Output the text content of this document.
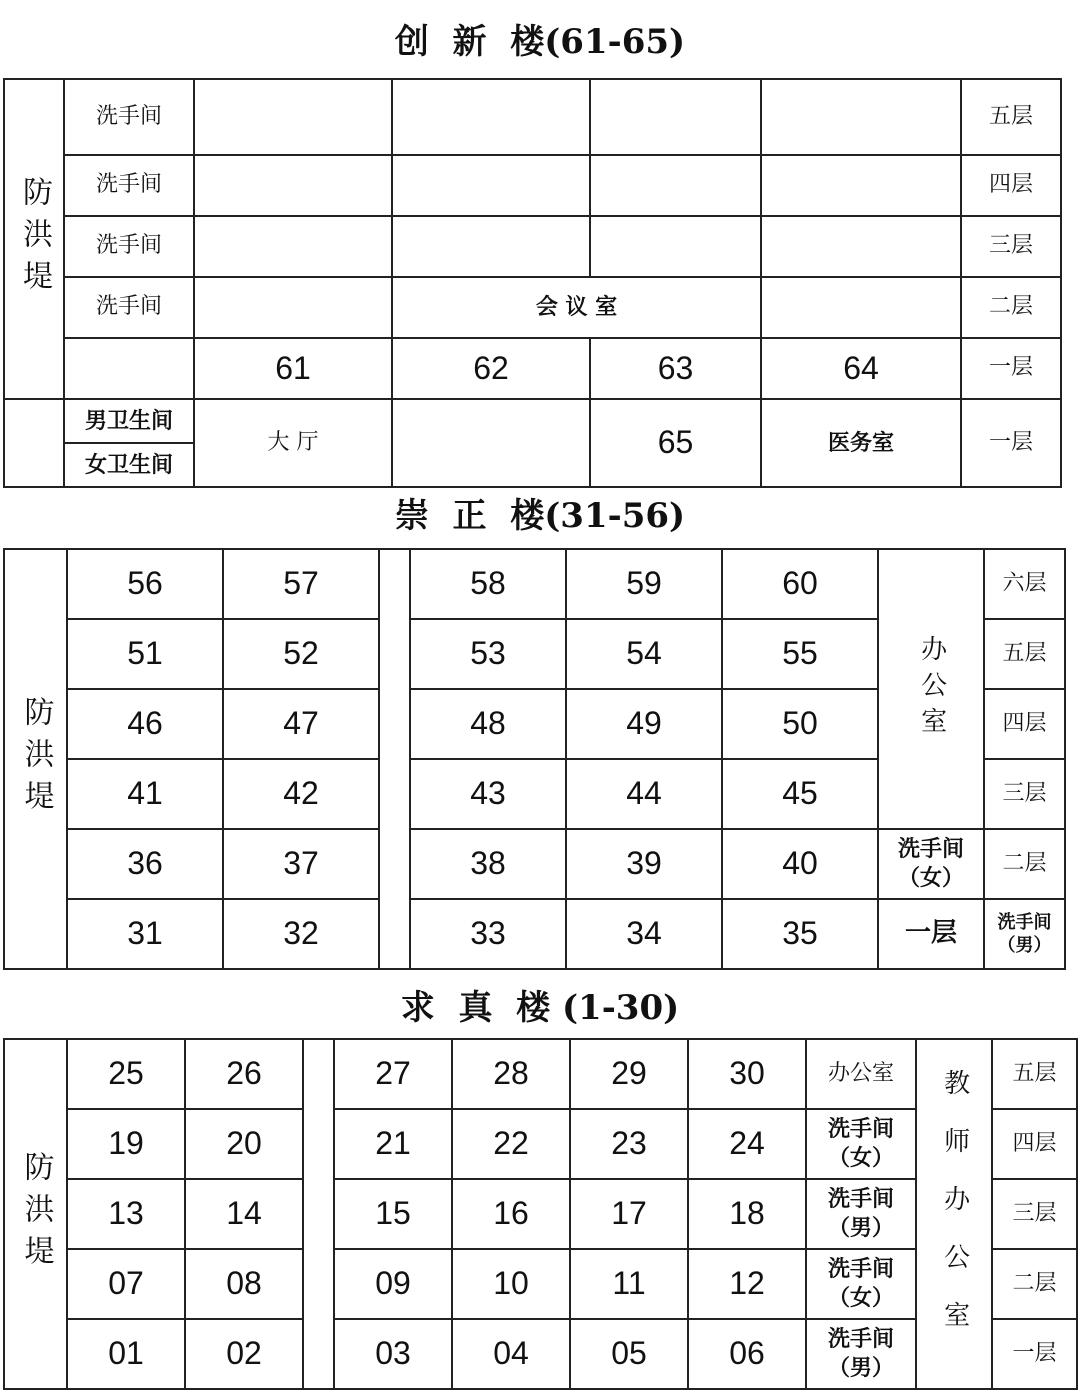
创  新  楼(61-65)
防洪堤	洗手间					五层
	洗手间					四层
	洗手间					三层
	洗手间		会 议 室			二层
		61	62	63	64	一层
	男卫生间	大 厅		65	医务室	一层
	女卫生间					
崇  正  楼(31-56)
防洪堤	56	57		58	59	60	办公室	六层
	51	52		53	54	55		五层
	46	47		48	49	50		四层
	41	42		43	44	45		三层
	36	37		38	39	40	洗手间
（女）	二层
	31	32		33	34	35	一层	洗手间
（男）
求  真  楼 (1-30)
防洪堤	25	26		27	28	29	30	办公室	教师办公室	五层
	19	20		21	22	23	24	洗手间
（女）		四层
	13	14		15	16	17	18	洗手间
（男）		三层
	07	08		09	10	11	12	洗手间
（女）		二层
	01	02		03	04	05	06	洗手间
（男）		一层
